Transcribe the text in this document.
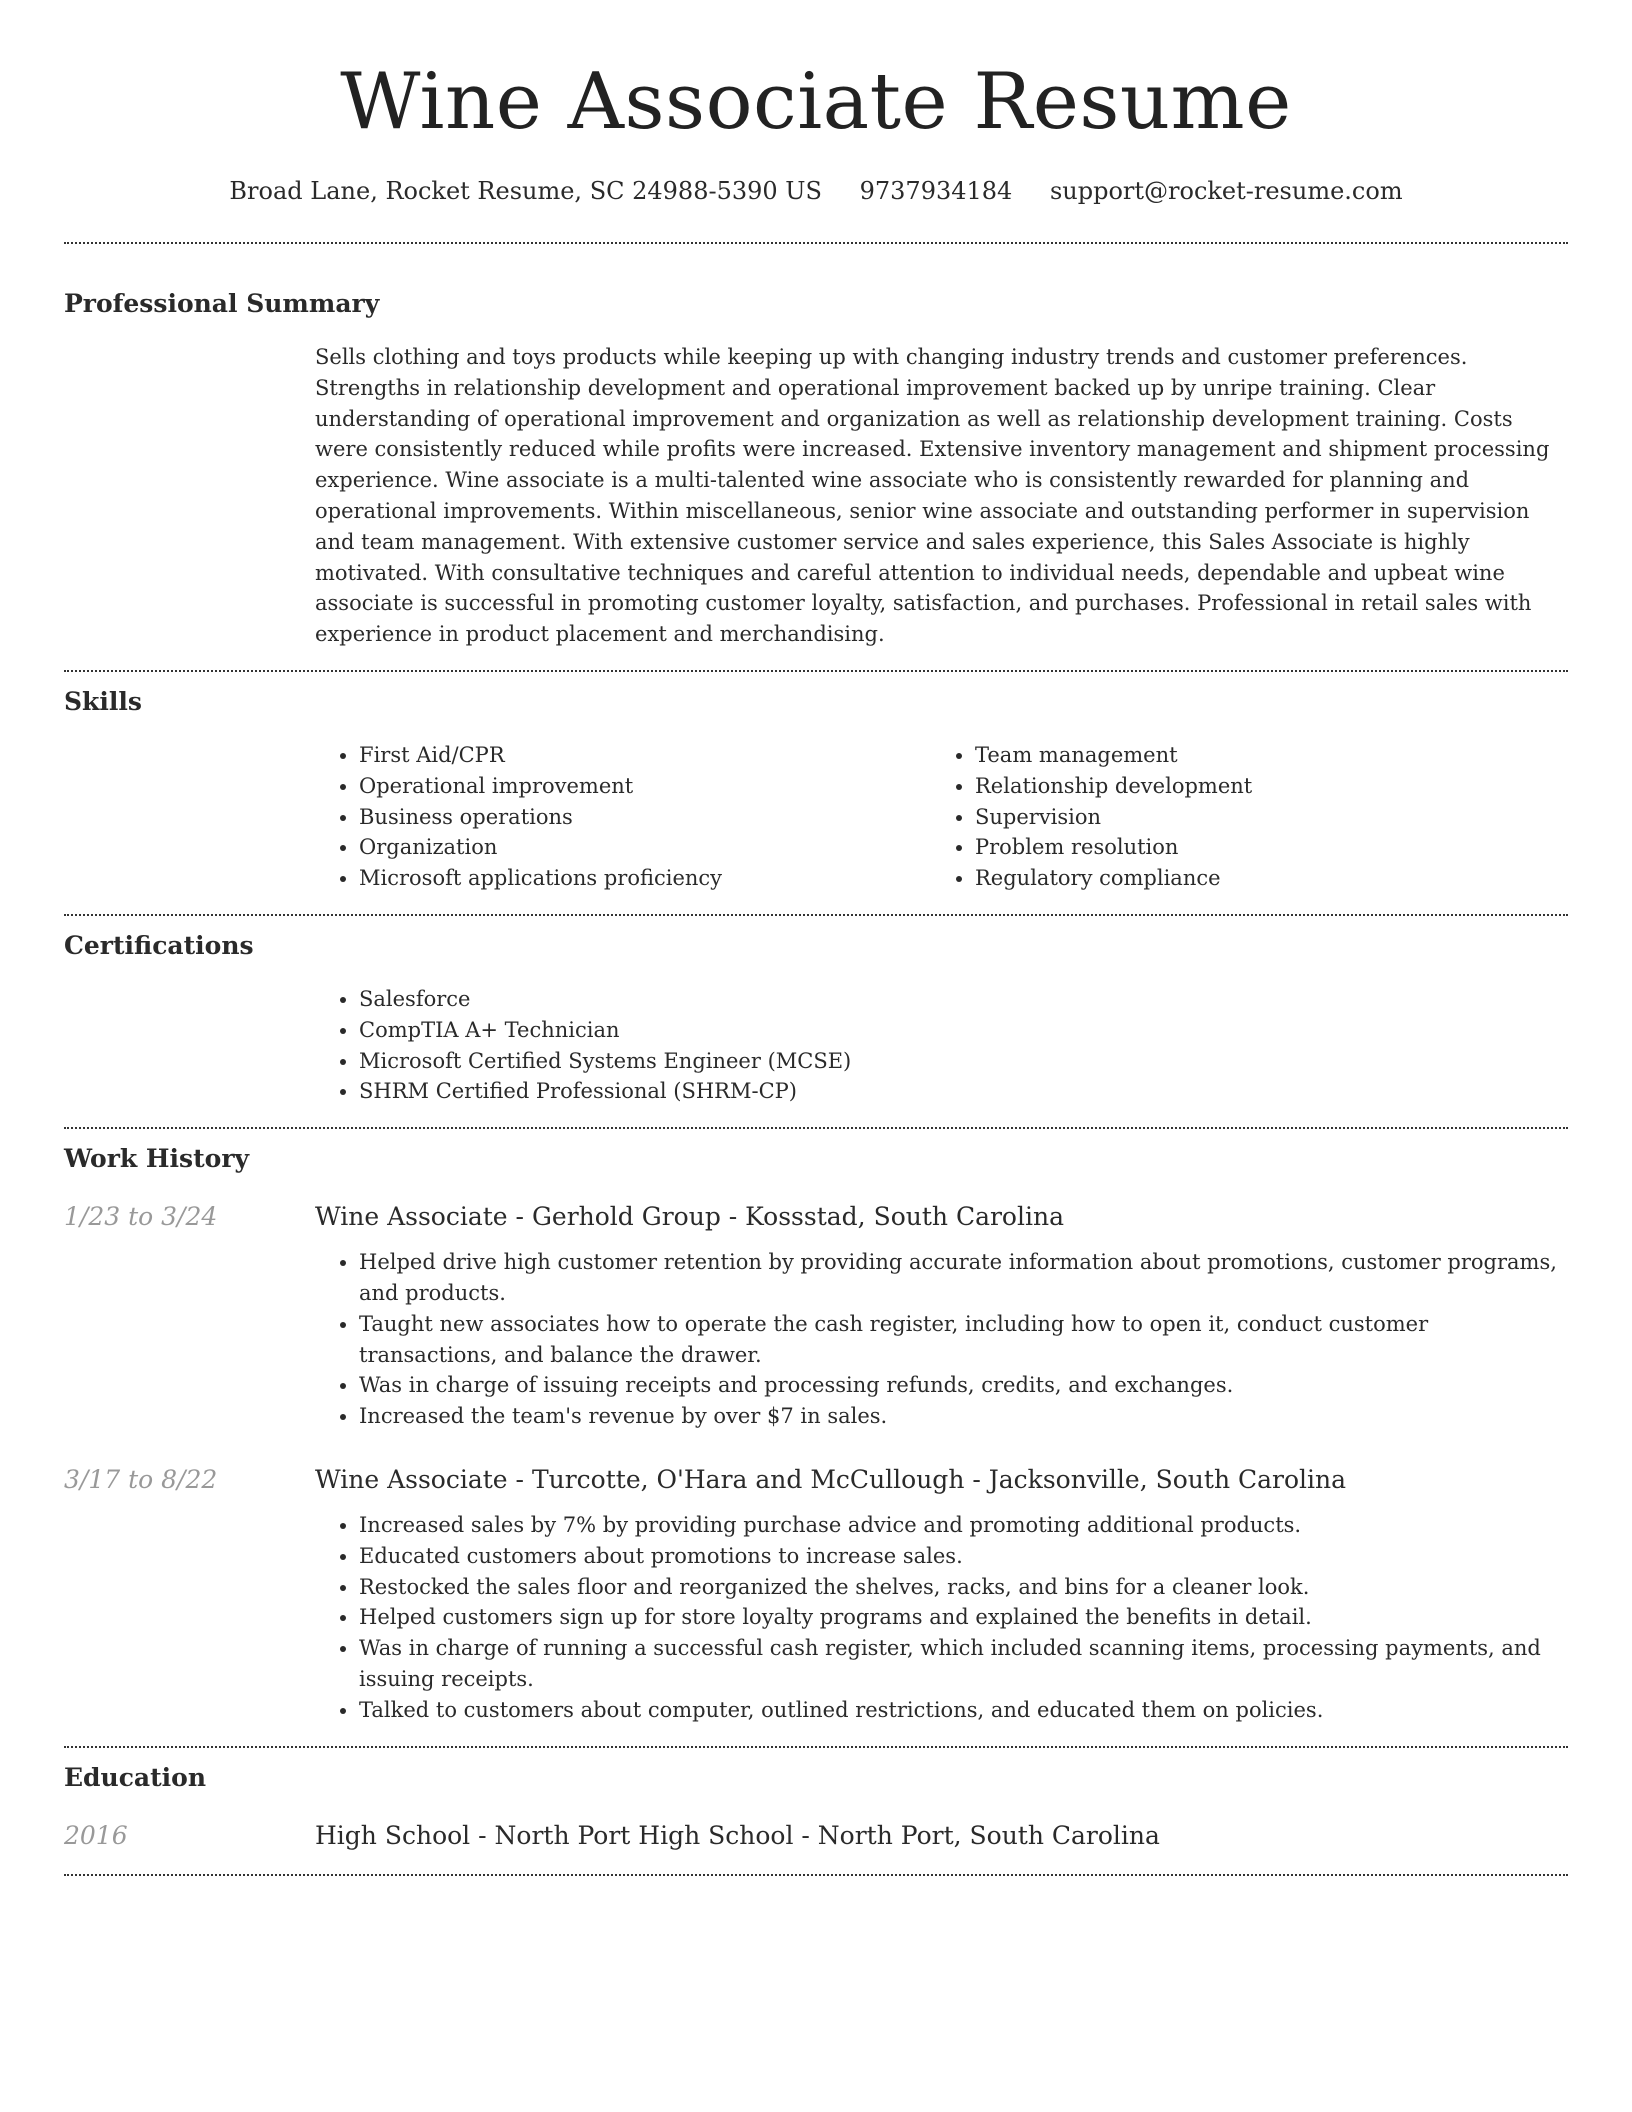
Wine Associate Resume
Broad Lane, Rocket Resume, SC 24988-5390 US 9737934184 support@rocket-resume.com
Professional Summary

Sells clothing and toys products while keeping up with changing industry trends and customer preferences. Strengths in relationship development and operational improvement backed up by unripe training. Clear understanding of operational improvement and organization as well as relationship development training. Costs were consistently reduced while profits were increased. Extensive inventory management and shipment processing experience. Wine associate is a multi-talented wine associate who is consistently rewarded for planning and operational improvements. Within miscellaneous, senior wine associate and outstanding performer in supervision and team management. With extensive customer service and sales experience, this Sales Associate is highly motivated. With consultative techniques and careful attention to individual needs, dependable and upbeat wine associate is successful in promoting customer loyalty, satisfaction, and purchases. Professional in retail sales with experience in product placement and merchandising.

Skills
• First Aid/CPR
• Operational improvement
• Business operations
• Organization
• Microsoft applications proficiency
• Team management
• Relationship development
• Supervision
• Problem resolution
• Regulatory compliance
Certifications
• Salesforce
• CompTIA A+ Technician
• Microsoft Certified Systems Engineer (MCSE)
• SHRM Certified Professional (SHRM-CP)
Work History
1/23 to 3/24	Wine Associate - Gerhold Group - Kossstad, South Carolina
• Helped drive high customer retention by providing accurate information about promotions, customer programs, and products.
• Taught new associates how to operate the cash register, including how to open it, conduct customer transactions, and balance the drawer.
• Was in charge of issuing receipts and processing refunds, credits, and exchanges.
• Increased the team's revenue by over $7 in sales.
3/17 to 8/22	Wine Associate - Turcotte, O'Hara and McCullough - Jacksonville, South Carolina
• Increased sales by 7% by providing purchase advice and promoting additional products.
• Educated customers about promotions to increase sales.
• Restocked the sales floor and reorganized the shelves, racks, and bins for a cleaner look.
• Helped customers sign up for store loyalty programs and explained the benefits in detail.
• Was in charge of running a successful cash register, which included scanning items, processing payments, and issuing receipts.
• Talked to customers about computer, outlined restrictions, and educated them on policies.
Education
2016	High School - North Port High School - North Port, South Carolina
